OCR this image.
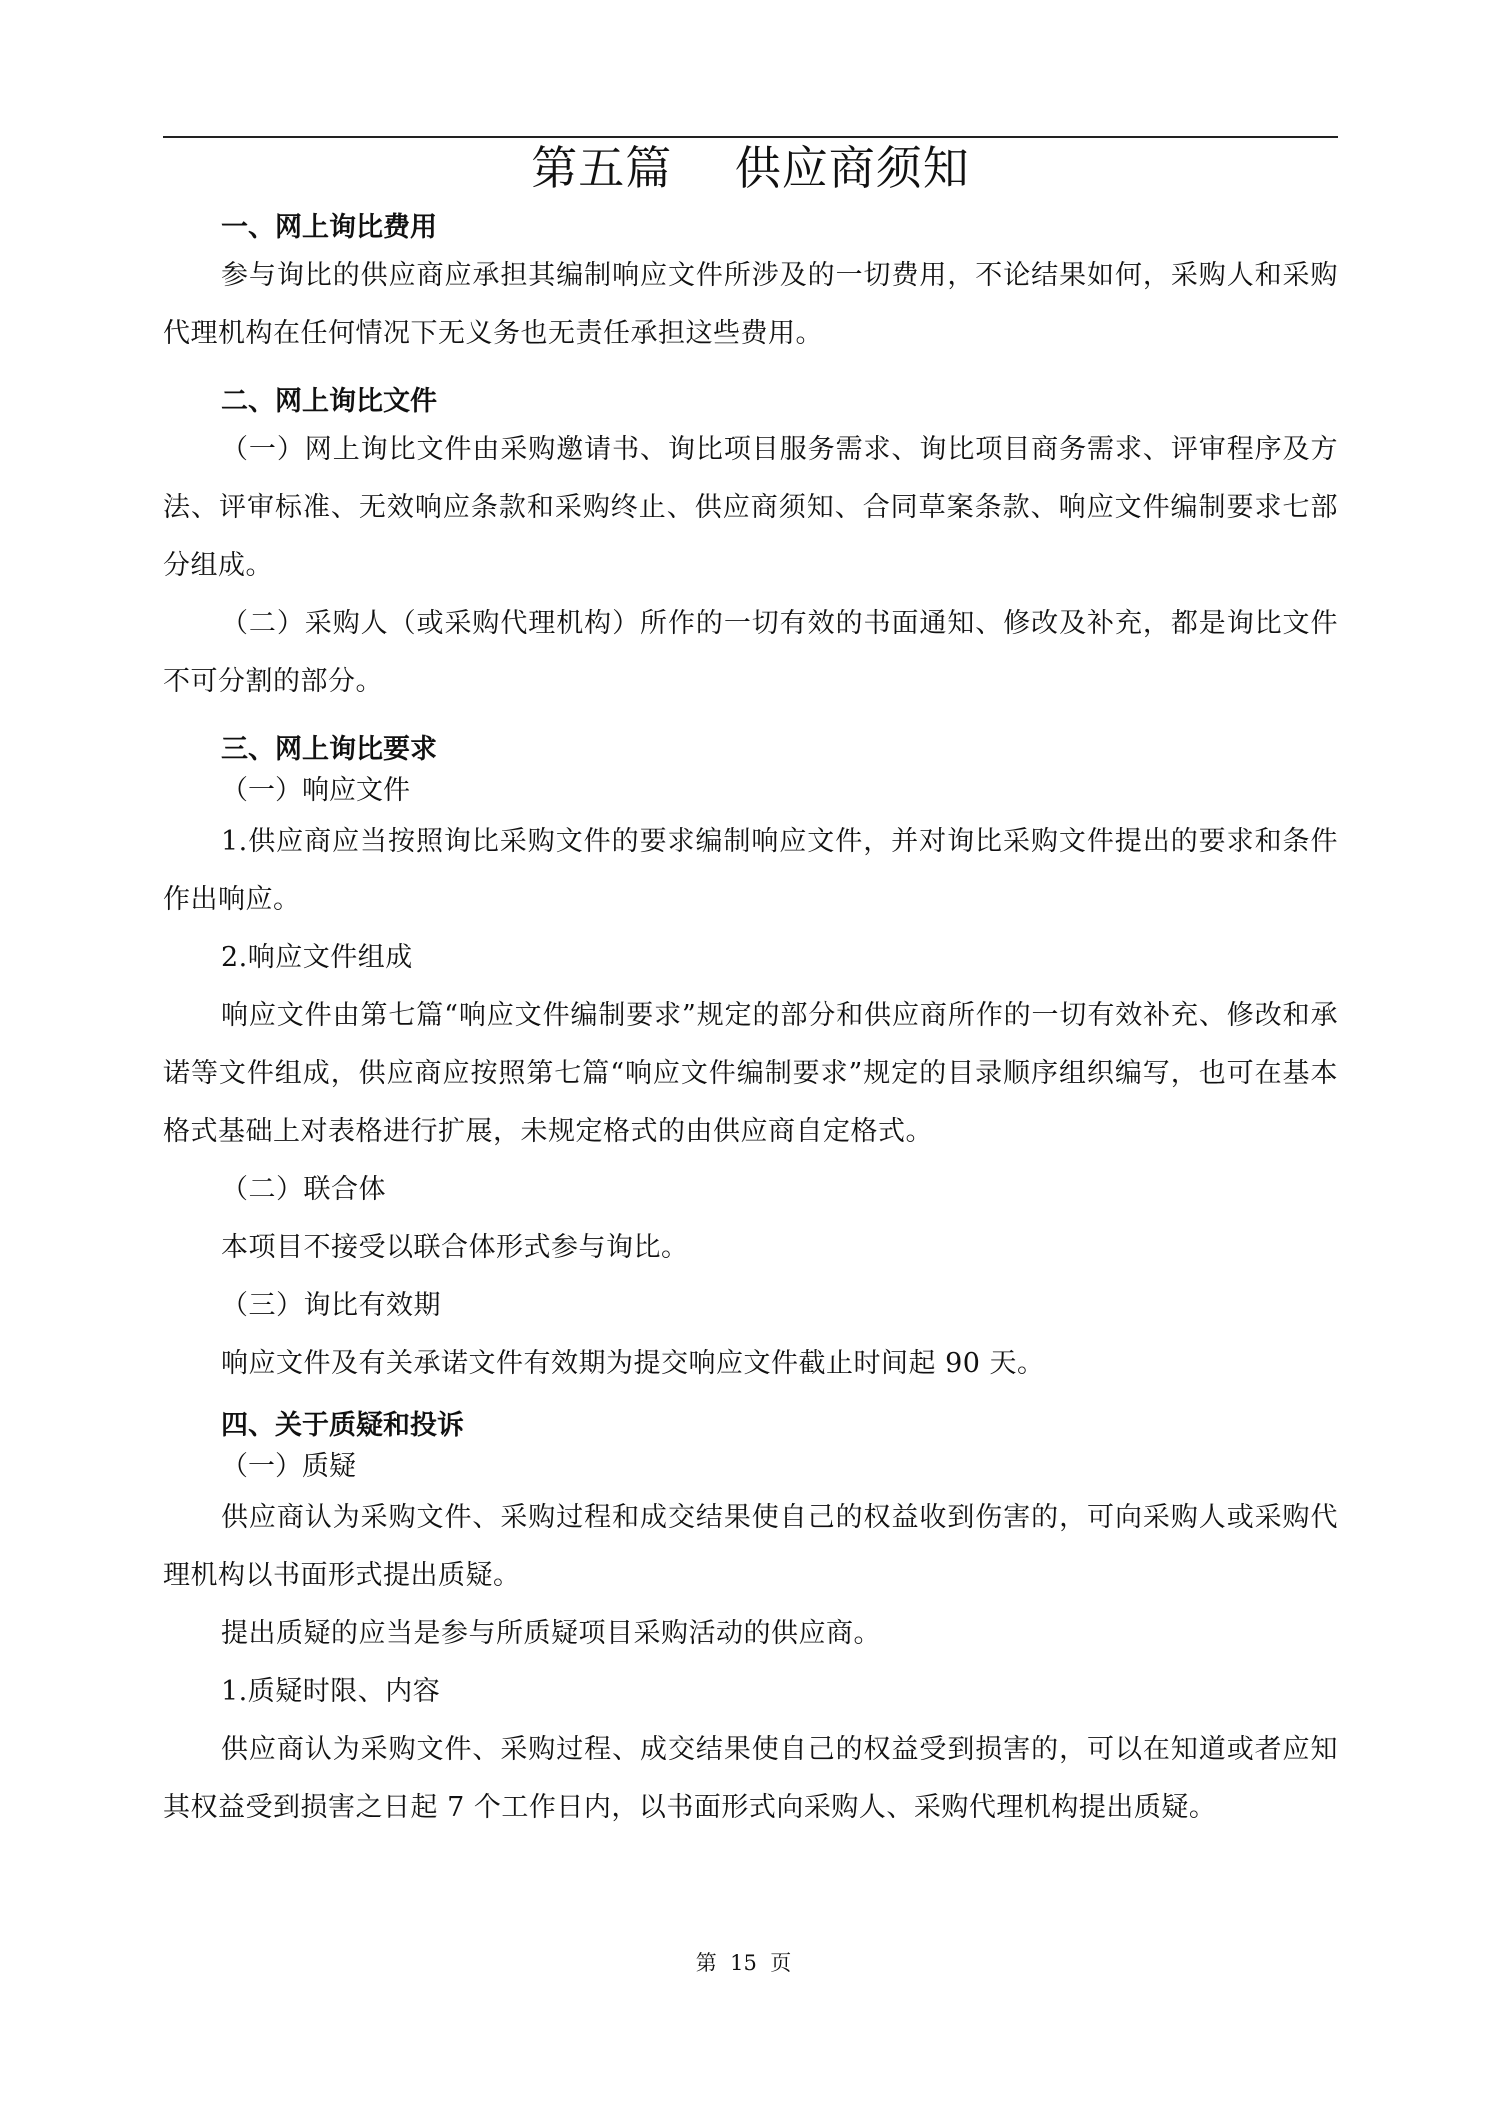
第五篇    供应商须知
一、网上询比费用
参与询比的供应商应承担其编制响应文件所涉及的一切费用，不论结果如何，采购人和采购代理机构在任何情况下无义务也无责任承担这些费用。
二、网上询比文件
（一）网上询比文件由采购邀请书、询比项目服务需求、询比项目商务需求、评审程序及方法、评审标准、无效响应条款和采购终止、供应商须知、合同草案条款、响应文件编制要求七部分组成。
（二）采购人（或采购代理机构）所作的一切有效的书面通知、修改及补充，都是询比文件不可分割的部分。
三、网上询比要求
（一）响应文件
1.供应商应当按照询比采购文件的要求编制响应文件，并对询比采购文件提出的要求和条件作出响应。
2.响应文件组成
响应文件由第七篇“响应文件编制要求”规定的部分和供应商所作的一切有效补充、修改和承诺等文件组成，供应商应按照第七篇“响应文件编制要求”规定的目录顺序组织编写，也可在基本格式基础上对表格进行扩展，未规定格式的由供应商自定格式。
（二）联合体
本项目不接受以联合体形式参与询比。
（三）询比有效期
响应文件及有关承诺文件有效期为提交响应文件截止时间起 90 天。
四、关于质疑和投诉
（一）质疑
供应商认为采购文件、采购过程和成交结果使自己的权益收到伤害的，可向采购人或采购代理机构以书面形式提出质疑。
提出质疑的应当是参与所质疑项目采购活动的供应商。
1.质疑时限、内容
供应商认为采购文件、采购过程、成交结果使自己的权益受到损害的，可以在知道或者应知其权益受到损害之日起 7 个工作日内，以书面形式向采购人、采购代理机构提出质疑。
第  15  页
